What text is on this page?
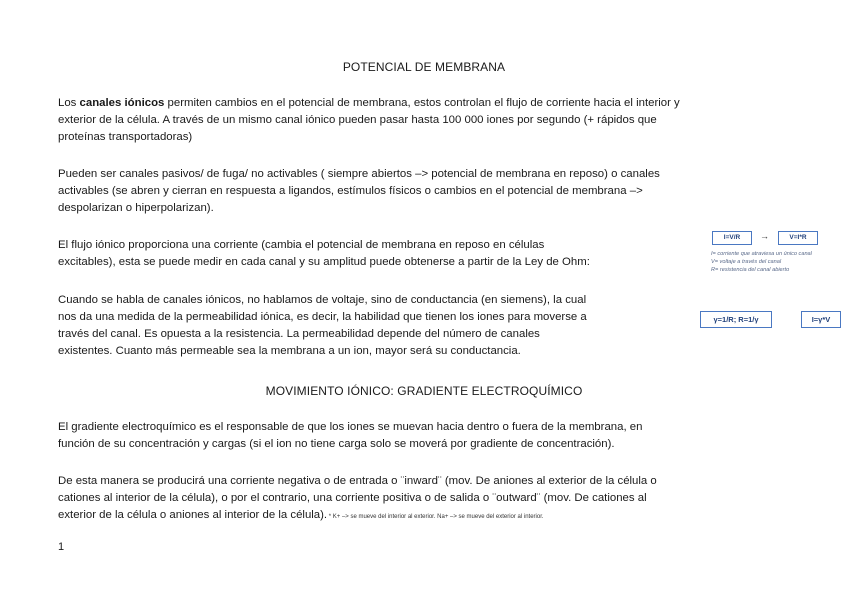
POTENCIAL DE MEMBRANA
Los canales iónicos permiten cambios en el potencial de membrana, estos controlan el flujo de corriente hacia el interior y
exterior de la célula. A través de un mismo canal iónico pueden pasar hasta 100 000 iones por segundo (+ rápidos que
proteínas transportadoras)
Pueden ser canales pasivos/ de fuga/ no activables ( siempre abiertos –> potencial de membrana en reposo) o canales
activables (se abren y cierran en respuesta a ligandos, estímulos físicos o cambios en el potencial de membrana –>
despolarizan o hiperpolarizan).
El flujo iónico proporciona una corriente (cambia el potencial de membrana en reposo en células
excitables), esta se puede medir en cada canal y su amplitud puede obtenerse a partir de la Ley de Ohm:
I=V/R	→	V=I*R
I= corriente que atraviesa un único canal
V= voltaje a través del canal
R= resistencia del canal abierto
Cuando se habla de canales iónicos, no hablamos de voltaje, sino de conductancia (en siemens), la cual
nos da una medida de la permeabilidad iónica, es decir, la habilidad que tienen los iones para moverse a
través del canal. Es opuesta a la resistencia. La permeabilidad depende del número de canales
existentes. Cuanto más permeable sea la membrana a un ion, mayor será su conductancia.
γ=1/R; R=1/γ	I=γ*V
MOVIMIENTO IÓNICO: GRADIENTE ELECTROQUÍMICO
El gradiente electroquímico es el responsable de que los iones se muevan hacia dentro o fuera de la membrana, en
función de su concentración y cargas (si el ion no tiene carga solo se moverá por gradiente de concentración).
De esta manera se producirá una corriente negativa o de entrada o ¨inward¨ (mov. De aniones al exterior de la célula o
cationes al interior de la célula), o por el contrario, una corriente positiva o de salida o ¨outward¨ (mov. De cationes al
exterior de la célula o aniones al interior de la célula). * K+ –> se mueve del interior al exterior. Na+ –> se mueve del exterior al interior.
1
